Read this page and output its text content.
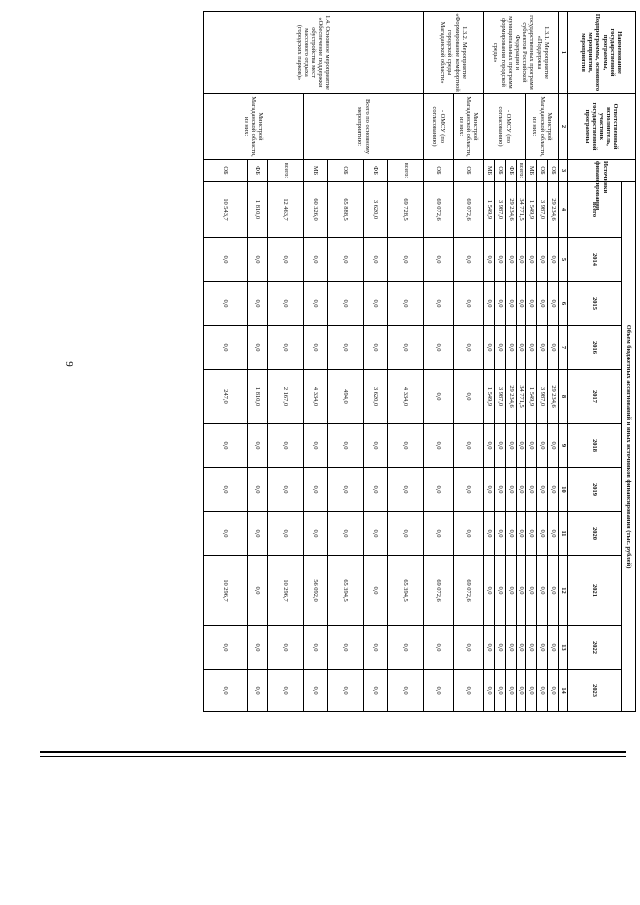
9
Наименование государственной программы, Подпрограммы, основного мероприятия, мероприятия	Ответственный исполнитель, участник государственной программы	Источники финансирования	Объем бюджетных ассигнований и иных источников финансирования (тыс. рублей)										
			всего	2014	2015	2016	2017	2018	2019	2020	2021	2022	2023
1	2	3	4	5	6	7	8	9	10	11	12	13	14
1.3.1. Мероприятие «Поддержка государственных программ субъектов Российской Федерации и муниципальных программ формирования городской среды»	Минстрой Магаданской области, из них:	ОБ	29 234,6	0,0	0,0	0,0	29 234,6	0,0	0,0	0,0	0,0	0,0	0,0
		ОБ	3 987,0	0,0	0,0	0,0	3 987,0	0,0	0,0	0,0	0,0	0,0	0,0
		МБ	1 549,9	0,0	0,0	0,0	1 549,9	0,0	0,0	0,0	0,0	0,0	0,0
	- ОМСУ (по согласованию)	всего:	34 771,5	0,0	0,0	0,0	34 771,5	0,0	0,0	0,0	0,0	0,0	0,0
		ФБ	29 234,6	0,0	0,0	0,0	29 234,6	0,0	0,0	0,0	0,0	0,0	0,0
		ОБ	3 987,0	0,0	0,0	0,0	3 987,0	0,0	0,0	0,0	0,0	0,0	0,0
		МБ	1 549,9	0,0	0,0	0,0	1 549,9	0,0	0,0	0,0	0,0	0,0	0,0
1.3.2. Мероприятие «Формирование комфортной городской среды Магаданской области»	Минстрой Магаданской области, из них:	ОБ	69 072,6	0,0	0,0	0,0	0,0	0,0	0,0	0,0	69 072,6	0,0	0,0
	- ОМСУ (по согласованию)	ОБ	69 072,6	0,0	0,0	0,0	0,0	0,0	0,0	0,0	69 072,6	0,0	0,0
1.4. Основное мероприятие «Обеспечение поддержки обустройства мест массового отдыха (городских парков)»	Всего по основному мероприятию:	всего:	69 728,5	0,0	0,0	0,0	4 334,0	0,0	0,0	0,0	65 394,5	0,0	0,0
		ФБ	3 620,0	0,0	0,0	0,0	3 620,0	0,0	0,0	0,0	0,0	0,0	0,0
		ОБ	65 888,5	0,0	0,0	0,0	494,0	0,0	0,0	0,0	65 394,5	0,0	0,0
		МБ	60 326,0	0,0	0,0	0,0	4 334,0	0,0	0,0	0,0	56 092,0	0,0	0,0
	Минстрой Магаданской области, из них:	всего:	12 463,7	0,0	0,0	0,0	2 167,0	0,0	0,0	0,0	10 296,7	0,0	0,0
		ФБ	1 810,0	0,0	0,0	0,0	1 810,0	0,0	0,0	0,0	0,0	0,0	0,0
		ОБ	10 543,7	0,0	0,0	0,0	247,0	0,0	0,0	0,0	10 296,7	0,0	0,0
